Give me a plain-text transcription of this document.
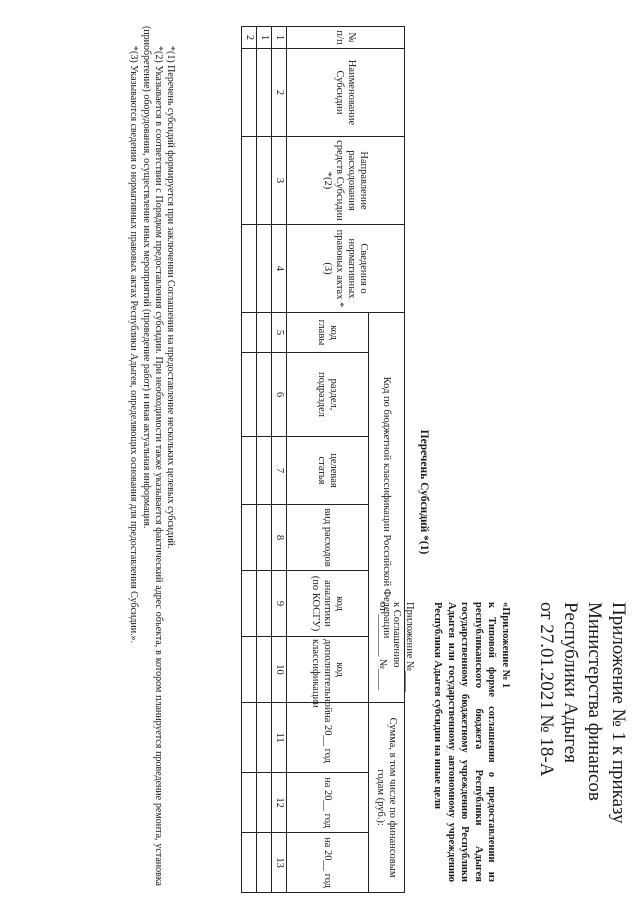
Приложение № 1 к приказу
Министерства финансов
Республики Адыгея
от 27.01.2021 № 18-А
«Приложение № 1
к Типовой форме соглашения о предоставлении из республиканского бюджета Республики Адыгея государственному бюджетному учреждению Республики Адыгея или государственному автономному учреждению Республики Адыгея субсидии на иные цели
Приложение №____
к Соглашению
от ________ №____
Перечень Субсидий *(1)
№ п/п	Наименование Субсидии	Направление расходования средств Субсидии *(2)	Сведения о нормативных правовых актах *(3)	Код по бюджетной классификации Российской Федерации						Сумма, в том числе по финансовым годам (руб.):		
				код главы	раздел, подраздел	целевая статья	вид расходов	код аналитики (по КОСГУ)	код дополнительной классификации	на 20__ год	на 20__ год	на 20__ год
1	2	3	4	5	6	7	8	9	10	11	12	13
1												
2												

*(1) Перечень субсидий формируется при заключении Соглашения на предоставление нескольких целевых субсидий.

*(2) Указывается в соответствии с Порядком предоставления субсидии. При необходимости также указывается фактический адрес объекта, в котором планируется проведение ремонта, установка (приобретение) оборудования, осуществление иных мероприятий (проведение работ) и иная актуальная информация.

*(3) Указываются сведения о нормативных правовых актах Республики Адыгея, определяющих основания для предоставления Субсидии.».
